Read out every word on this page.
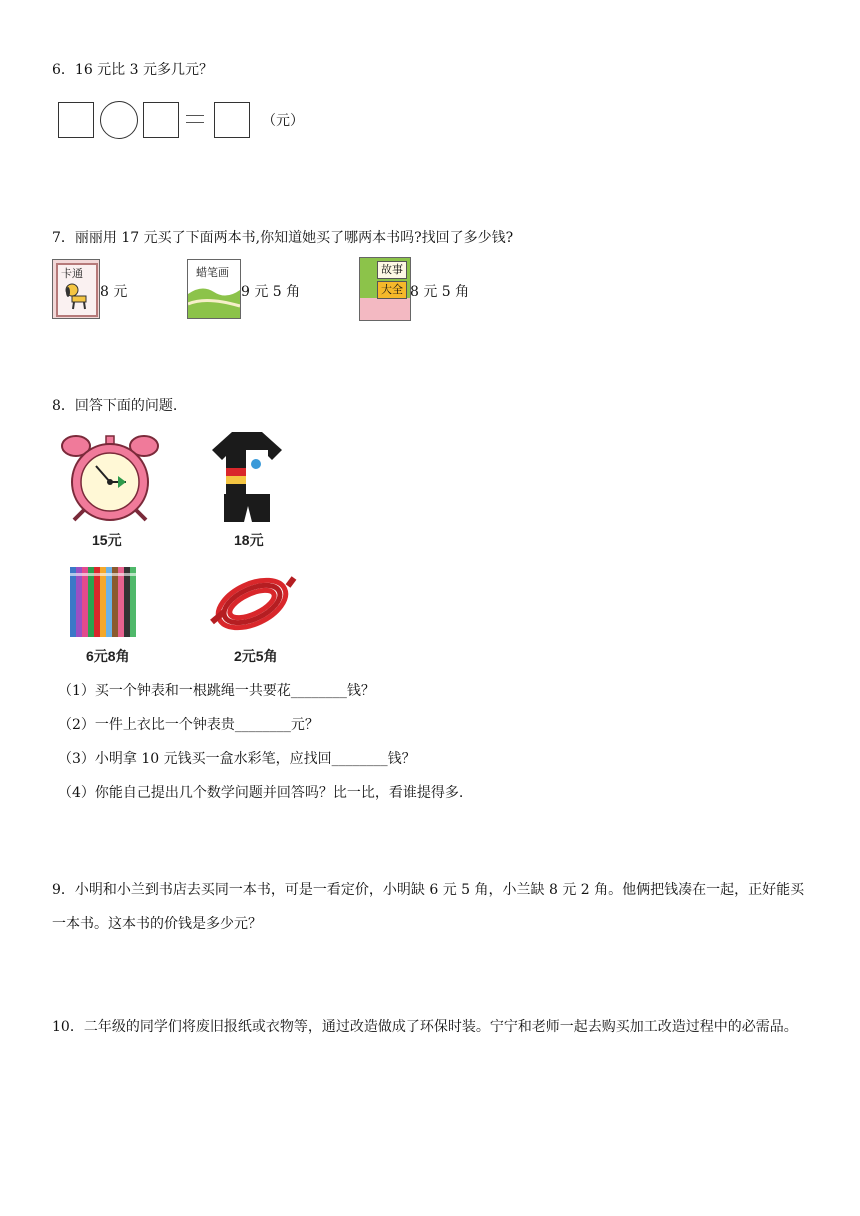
6．16 元比 3 元多几元？
（元）
7．丽丽用 17 元买了下面两本书,你知道她买了哪两本书吗?找回了多少钱?
卡通
8 元
蜡笔画
9 元 5 角
故事
大全 8 元 5 角
8．回答下面的问题.
15元	18元
6元8角	2元5角
（1）买一个钟表和一根跳绳一共要花________钱？
（2）一件上衣比一个钟表贵________元？
（3）小明拿 10 元钱买一盒水彩笔，应找回________钱？
（4）你能自己提出几个数学问题并回答吗？比一比，看谁提得多.
9．小明和小兰到书店去买同一本书，可是一看定价，小明缺 6 元 5 角，小兰缺 8 元 2 角。他俩把钱凑在一起，正好能买一本书。这本书的价钱是多少元？
10．二年级的同学们将废旧报纸或衣物等，通过改造做成了环保时装。宁宁和老师一起去购买加工改造过程中的必需品。
